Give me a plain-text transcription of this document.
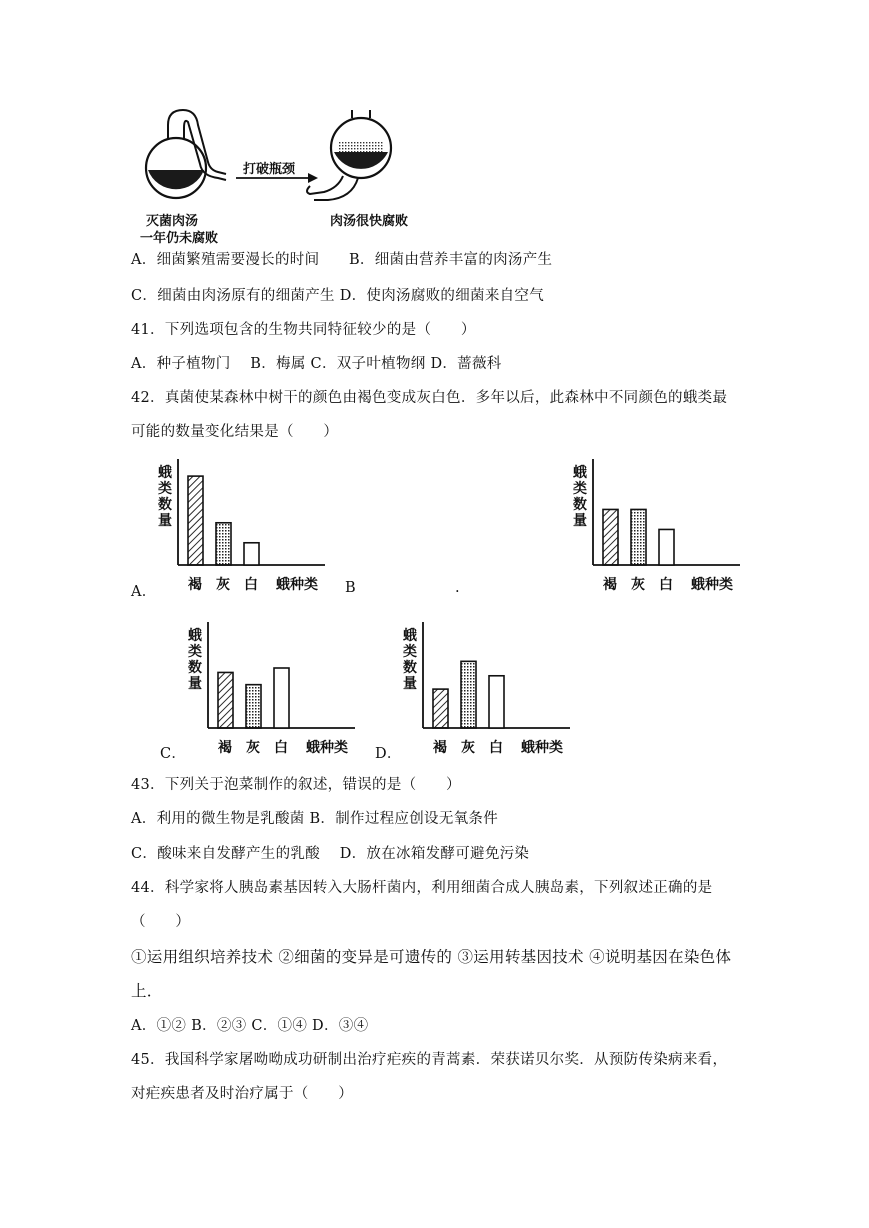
灭菌肉汤
一年仍未腐败
打破瓶颈
肉汤很快腐败
A．细菌繁殖需要漫长的时间　　B．细菌由营养丰富的肉汤产生
C．细菌由肉汤原有的细菌产生 D．使肉汤腐败的细菌来自空气
41．下列选项包含的生物共同特征较少的是（　　）
A．种子植物门　 B．梅属 C．双子叶植物纲 D．蔷薇科
42．真菌使某森林中树干的颜色由褐色变成灰白色．多年以后，此森林中不同颜色的蛾类最
可能的数量变化结果是（　　）
蛾
类
数
量
褐 灰 白 蛾种类
蛾
类
数
量
褐 灰 白 蛾种类
蛾
类
数
量
褐 灰 白 蛾种类
蛾
类
数
量
褐 灰 白 蛾种类
A．	B	.
C．	D．
43．下列关于泡菜制作的叙述，错误的是（　　）
A．利用的微生物是乳酸菌 B．制作过程应创设无氧条件
C．酸味来自发酵产生的乳酸　 D．放在冰箱发酵可避免污染
44．科学家将人胰岛素基因转入大肠杆菌内，利用细菌合成人胰岛素，下列叙述正确的是
（　　）
①运用组织培养技术 ②细菌的变异是可遗传的 ③运用转基因技术 ④说明基因在染色体
上．
A．①② B．②③ C．①④ D．③④
45．我国科学家屠呦呦成功研制出治疗疟疾的青蒿素．荣获诺贝尔奖．从预防传染病来看，
对疟疾患者及时治疗属于（　　）
